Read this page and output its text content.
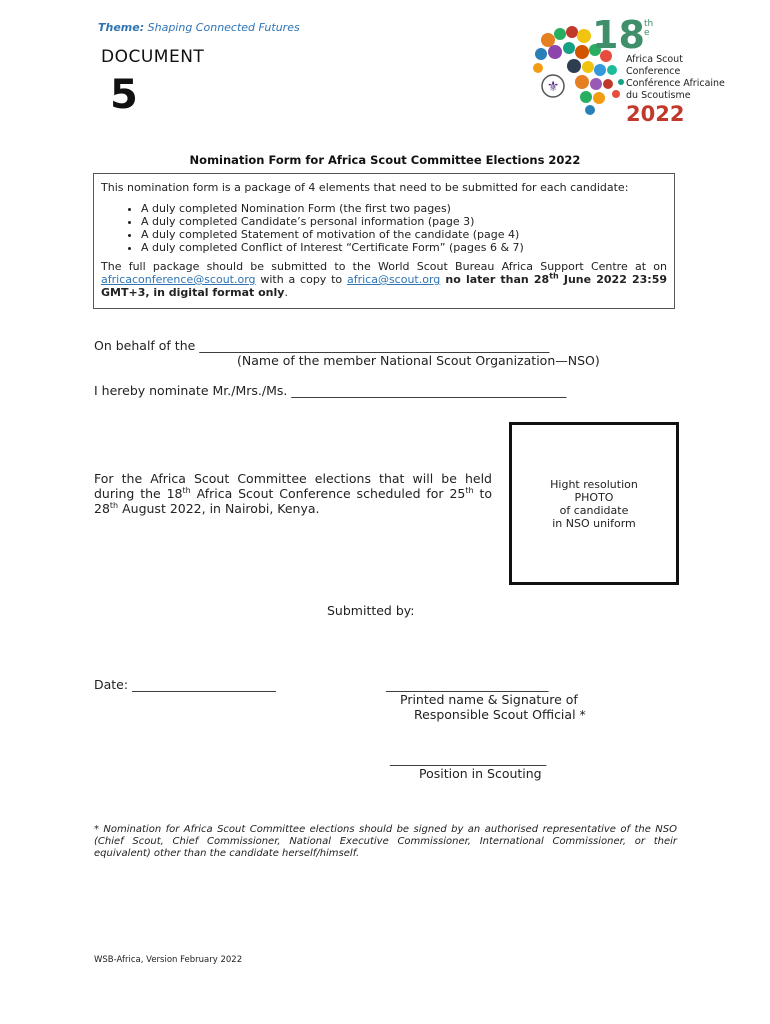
Theme: Shaping Connected Futures
DOCUMENT
5	⚜
18 th
e
Africa Scout
Conference
Conférence Africaine
du Scoutisme
2022
Nomination Form for Africa Scout Committee Elections 2022
This nomination form is a package of 4 elements that need to be submitted for each candidate:
• A duly completed Nomination Form (the first two pages)
• A duly completed Candidate’s personal information (page 3)
• A duly completed Statement of motivation of the candidate (page 4)
• A duly completed Conflict of Interest “Certificate Form” (pages 6 & 7)
The full package should be submitted to the World Scout Bureau Africa Support Centre at on africaconference@scout.org with a copy to africa@scout.org no later than 28th June 2022 23:59 GMT+3, in digital format only.
On behalf of the ________________________________________________________
(Name of the member National Scout Organization—NSO)
I hereby nominate Mr./Mrs./Ms. ____________________________________________
For the Africa Scout Committee elections that will be held during the 18th Africa Scout Conference scheduled for 25th to 28th August 2022, in Nairobi, Kenya.
Hight resolution
PHOTO
of candidate
in NSO uniform
Submitted by:
Date: _______________________	__________________________
Printed name & Signature of
Responsible Scout Official *
_________________________
Position in Scouting
* Nomination for Africa Scout Committee elections should be signed by an authorised representative of the NSO (Chief Scout, Chief Commissioner, National Executive Commissioner, International Commissioner, or their equivalent) other than the candidate herself/himself.
WSB-Africa, Version February 2022
